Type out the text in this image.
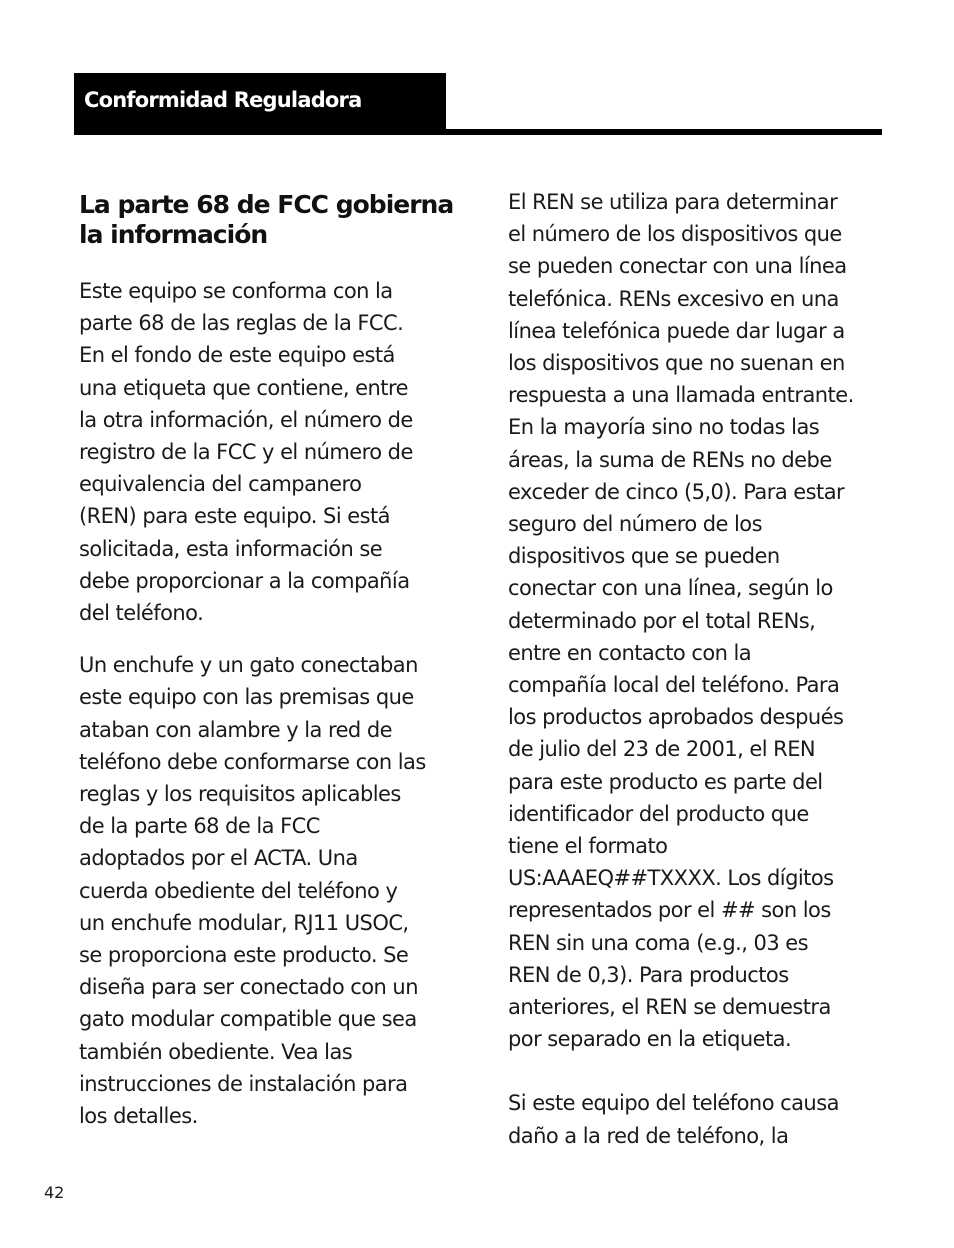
Conformidad Reguladora
La parte 68 de FCC gobierna
la información
Este equipo se conforma con la
parte 68 de las reglas de la FCC.
En el fondo de este equipo está
una etiqueta que contiene, entre
la otra información, el número de
registro de la FCC y el número de
equivalencia del campanero
(REN) para este equipo. Si está
solicitada, esta información se
debe proporcionar a la compañía
del teléfono.
Un enchufe y un gato conectaban
este equipo con las premisas que
ataban con alambre y la red de
teléfono debe conformarse con las
reglas y los requisitos aplicables
de la parte 68 de la FCC
adoptados por el ACTA. Una
cuerda obediente del teléfono y
un enchufe modular, RJ11 USOC,
se proporciona este producto. Se
diseña para ser conectado con un
gato modular compatible que sea
también obediente. Vea las
instrucciones de instalación para
los detalles.
El REN se utiliza para determinar
el número de los dispositivos que
se pueden conectar con una línea
telefónica. RENs excesivo en una
línea telefónica puede dar lugar a
los dispositivos que no suenan en
respuesta a una llamada entrante.
En la mayoría sino no todas las
áreas, la suma de RENs no debe
exceder de cinco (5,0). Para estar
seguro del número de los
dispositivos que se pueden
conectar con una línea, según lo
determinado por el total RENs,
entre en contacto con la
compañía local del teléfono. Para
los productos aprobados después
de julio del 23 de 2001, el REN
para este producto es parte del
identificador del producto que
tiene el formato
US:AAAEQ##TXXXX. Los dígitos
representados por el ## son los
REN sin una coma (e.g., 03 es
REN de 0,3). Para productos
anteriores, el REN se demuestra
por separado en la etiqueta.
Si este equipo del teléfono causa
daño a la red de teléfono, la
42
